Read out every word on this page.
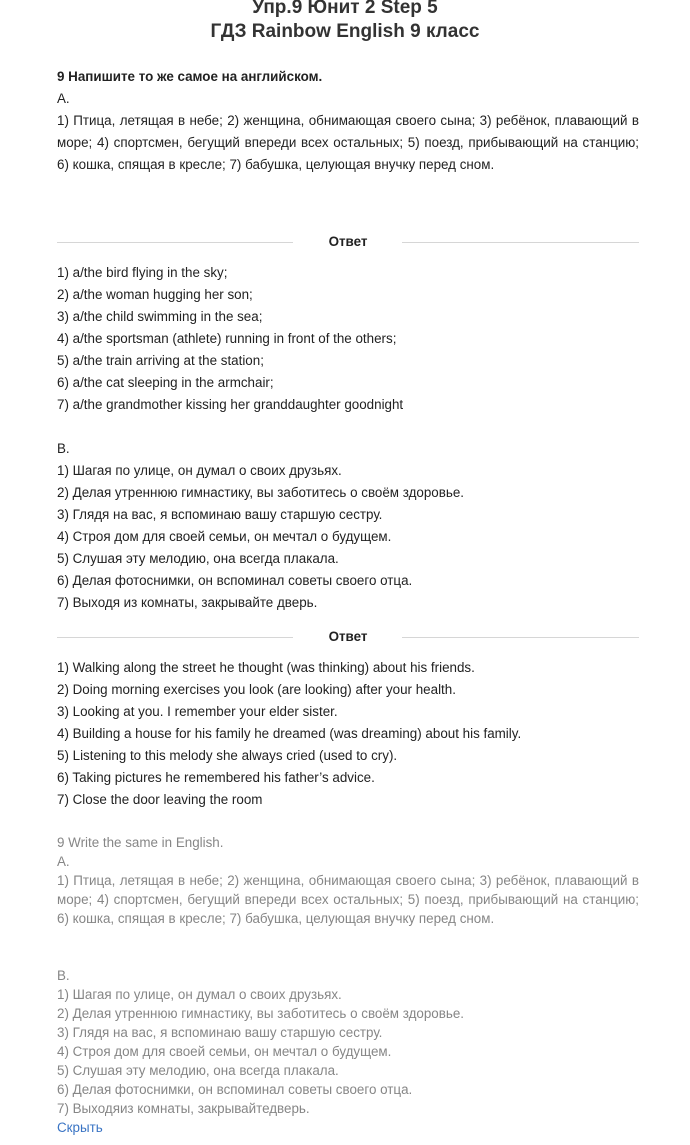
Упр.9 Юнит 2 Step 5
ГДЗ Rainbow English 9 класс
9 Напишите то же самое на английском.
A.
1) Птица, летящая в небе; 2) женщина, обнимающая своего сына; 3) ребёнок, плавающий в море; 4) спортсмен, бегущий впереди всех остальных; 5) поезд, прибывающий на станцию; 6) кошка, спящая в кресле; 7) бабушка, целующая внучку перед сном.
Ответ
1) a/the bird flying in the sky;
2) a/the woman hugging her son;
3) a/the child swimming in the sea;
4) a/the sportsman (athlete) running in front of the others;
5) a/the train arriving at the station;
6) a/the cat sleeping in the armchair;
7) a/the grandmother kissing her granddaughter goodnight
B.
1) Шагая по улице, он думал о своих друзьях.
2) Делая утреннюю гимнастику, вы заботитесь о своём здоровье.
3) Глядя на вас, я вспоминаю вашу старшую сестру.
4) Строя дом для своей семьи, он мечтал о будущем.
5) Слушая эту мелодию, она всегда плакала.
6) Делая фотоснимки, он вспоминал советы своего отца.
7) Выходя из комнаты, закрывайте дверь.
Ответ
1) Walking along the street he thought (was thinking) about his friends.
2) Doing morning exercises you look (are looking) after your health.
3) Looking at you. I remember your elder sister.
4) Building a house for his family he dreamed (was dreaming) about his family.
5) Listening to this melody she always cried (used to cry).
6) Taking pictures he remembered his father’s advice.
7) Close the door leaving the room
9 Write the same in English.
A.
1) Птица, летящая в небе; 2) женщина, обнимающая своего сына; 3) ребёнок, плавающий в море; 4) спортсмен, бегущий впереди всех остальных; 5) поезд, прибывающий на станцию; 6) кошка, спящая в кресле; 7) бабушка, целующая внучку перед сном.
B.
1) Шагая по улице, он думал о своих друзьях.
2) Делая утреннюю гимнастику, вы заботитесь о своём здоровье.
3) Глядя на вас, я вспоминаю вашу старшую сестру.
4) Строя дом для своей семьи, он мечтал о будущем.
5) Слушая эту мелодию, она всегда плакала.
6) Делая фотоснимки, он вспоминал советы своего отца.
7) Выходяиз комнаты, закрывайтедверь.
Скрыть
